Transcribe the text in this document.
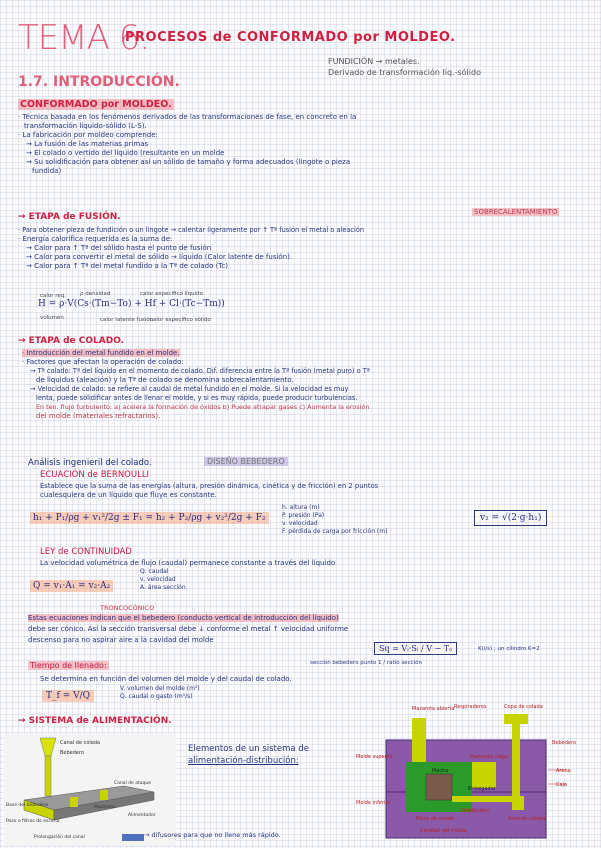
TEMA 6.
PROCESOS de CONFORMADO por MOLDEO.
FUNDICIÓN → metales.
Derivado de transformación líq.-sólido
1.7. INTRODUCCIÓN.
CONFORMADO por MOLDEO.
· Técnica basada en los fenómenos derivados de las transformaciones de fase, en concreto en la
transformación líquido-sólido (L-S).
· La fabricación por moldeo comprende:
→ La fusión de las materias primas
→ El colado o vertido del líquido (resultante en un molde
→ Su solidificación para obtener así un sólido de tamaño y forma adecuados (lingote o pieza
fundida)
→ ETAPA de FUSIÓN.	SOBRECALENTAMIENTO
· Para obtener pieza de fundición o un lingote → calentar ligeramente por ↑ Tª fusión el metal o aleación
· Energía calorífica requerida es la suma de:
→ Calor para ↑ Tª del sólido hasta el punto de fusión
→ Calor para convertir el metal de sólido → líquido (Calor latente de fusión).
→ Calor para ↑ Tª del metal fundido a la Tª de colado (Tc)
calor req.	ρ densidad	calor específico líquido
H = ρ·V(Cs·(Tm−To) + Hf + Cl·(Tc−Tm))
volumen	calor latente fusión
calor específico sólido
→ ETAPA de COLADO.
· Introducción del metal fundido en el molde.
· Factores que afectan la operación de colado:
→ Tª colado: Tª del líquido en el momento de colado. Dif. diferencia entre la Tª fusión (metal puro) o Tª
de liquidus (aleación) y la Tª de colado se denomina sobrecalentamiento.
→ Velocidad de colado: se refiere al caudal de metal fundido en el molde. Si la velocidad es muy
lenta, puede solidificar antes de llenar el molde, y si es muy rápida, puede producir turbulencias.
En ten. flujo turbulento: a) acelera la formación de óxidos b) Puede atrapar gases c) Aumenta la erosión
del molde (materiales refractarios).
Análisis ingenieril del colado.	DISEÑO BEBEDERO
ECUACIÓN de BERNOULLI
Establece que la suma de las energías (altura, presión dinámica, cinética y de fricción) en 2 puntos
cualesquiera de un líquido que fluye es constante.
h₁ + P₁/ρg + v₁²/2g ± F₁ = h₂ + P₂/ρg + v₂²/2g + F₂
h. altura (m)
P. presión (Pa)
v. velocidad
F. pérdida de carga por fricción (m)
v₂ = √(2·g·h₁)
LEY de CONTINUIDAD
La velocidad volumétrica de flujo (caudal) permanece constante a través del líquido
Q = v₁·A₁ = v₂·A₂
Q. caudal
v. velocidad
A. área sección
TRONCOCÓNICO
Estas ecuaciones indican que el bebedero (conducto vertical de introducción del líquido)
debe ser cónico. Así la sección transversal debe ↓ conforme el metal ↑ velocidad uniforme
descenso para no aspirar aire a la cavidad del molde
Sq = Vᵢ·Sᵢ / V − Tₒ	K(i/s) ; un cilindro K=2
sección bebedero punto 1 / ratio sección
Tiempo de llenado:
Se determina en función del volumen del molde y del caudal de colado.
T_f = V/Q
V. volumen del molde (m³)
Q. caudal o gasto (m³/s)
→ SISTEMA de ALIMENTACIÓN.
Elementos de un sistema de
alimentación-distribución:
Canal de colada
Bebedero
Base del bebedero
Canal de ataque
Mazarota
Alimentador
Prolongación del canal
Pozo o filtros de escoria
→ difusores para que no llene más rápido.
Mazarota abierta Respiraderos	Copa de colada
Bebedero
Molde superior
Macho
Mazarota ciega
Arena
Caja
Molde inferior
Pieza de molde
Cavidad del molde
Entregador
Distribuidor
Pozo de colada
